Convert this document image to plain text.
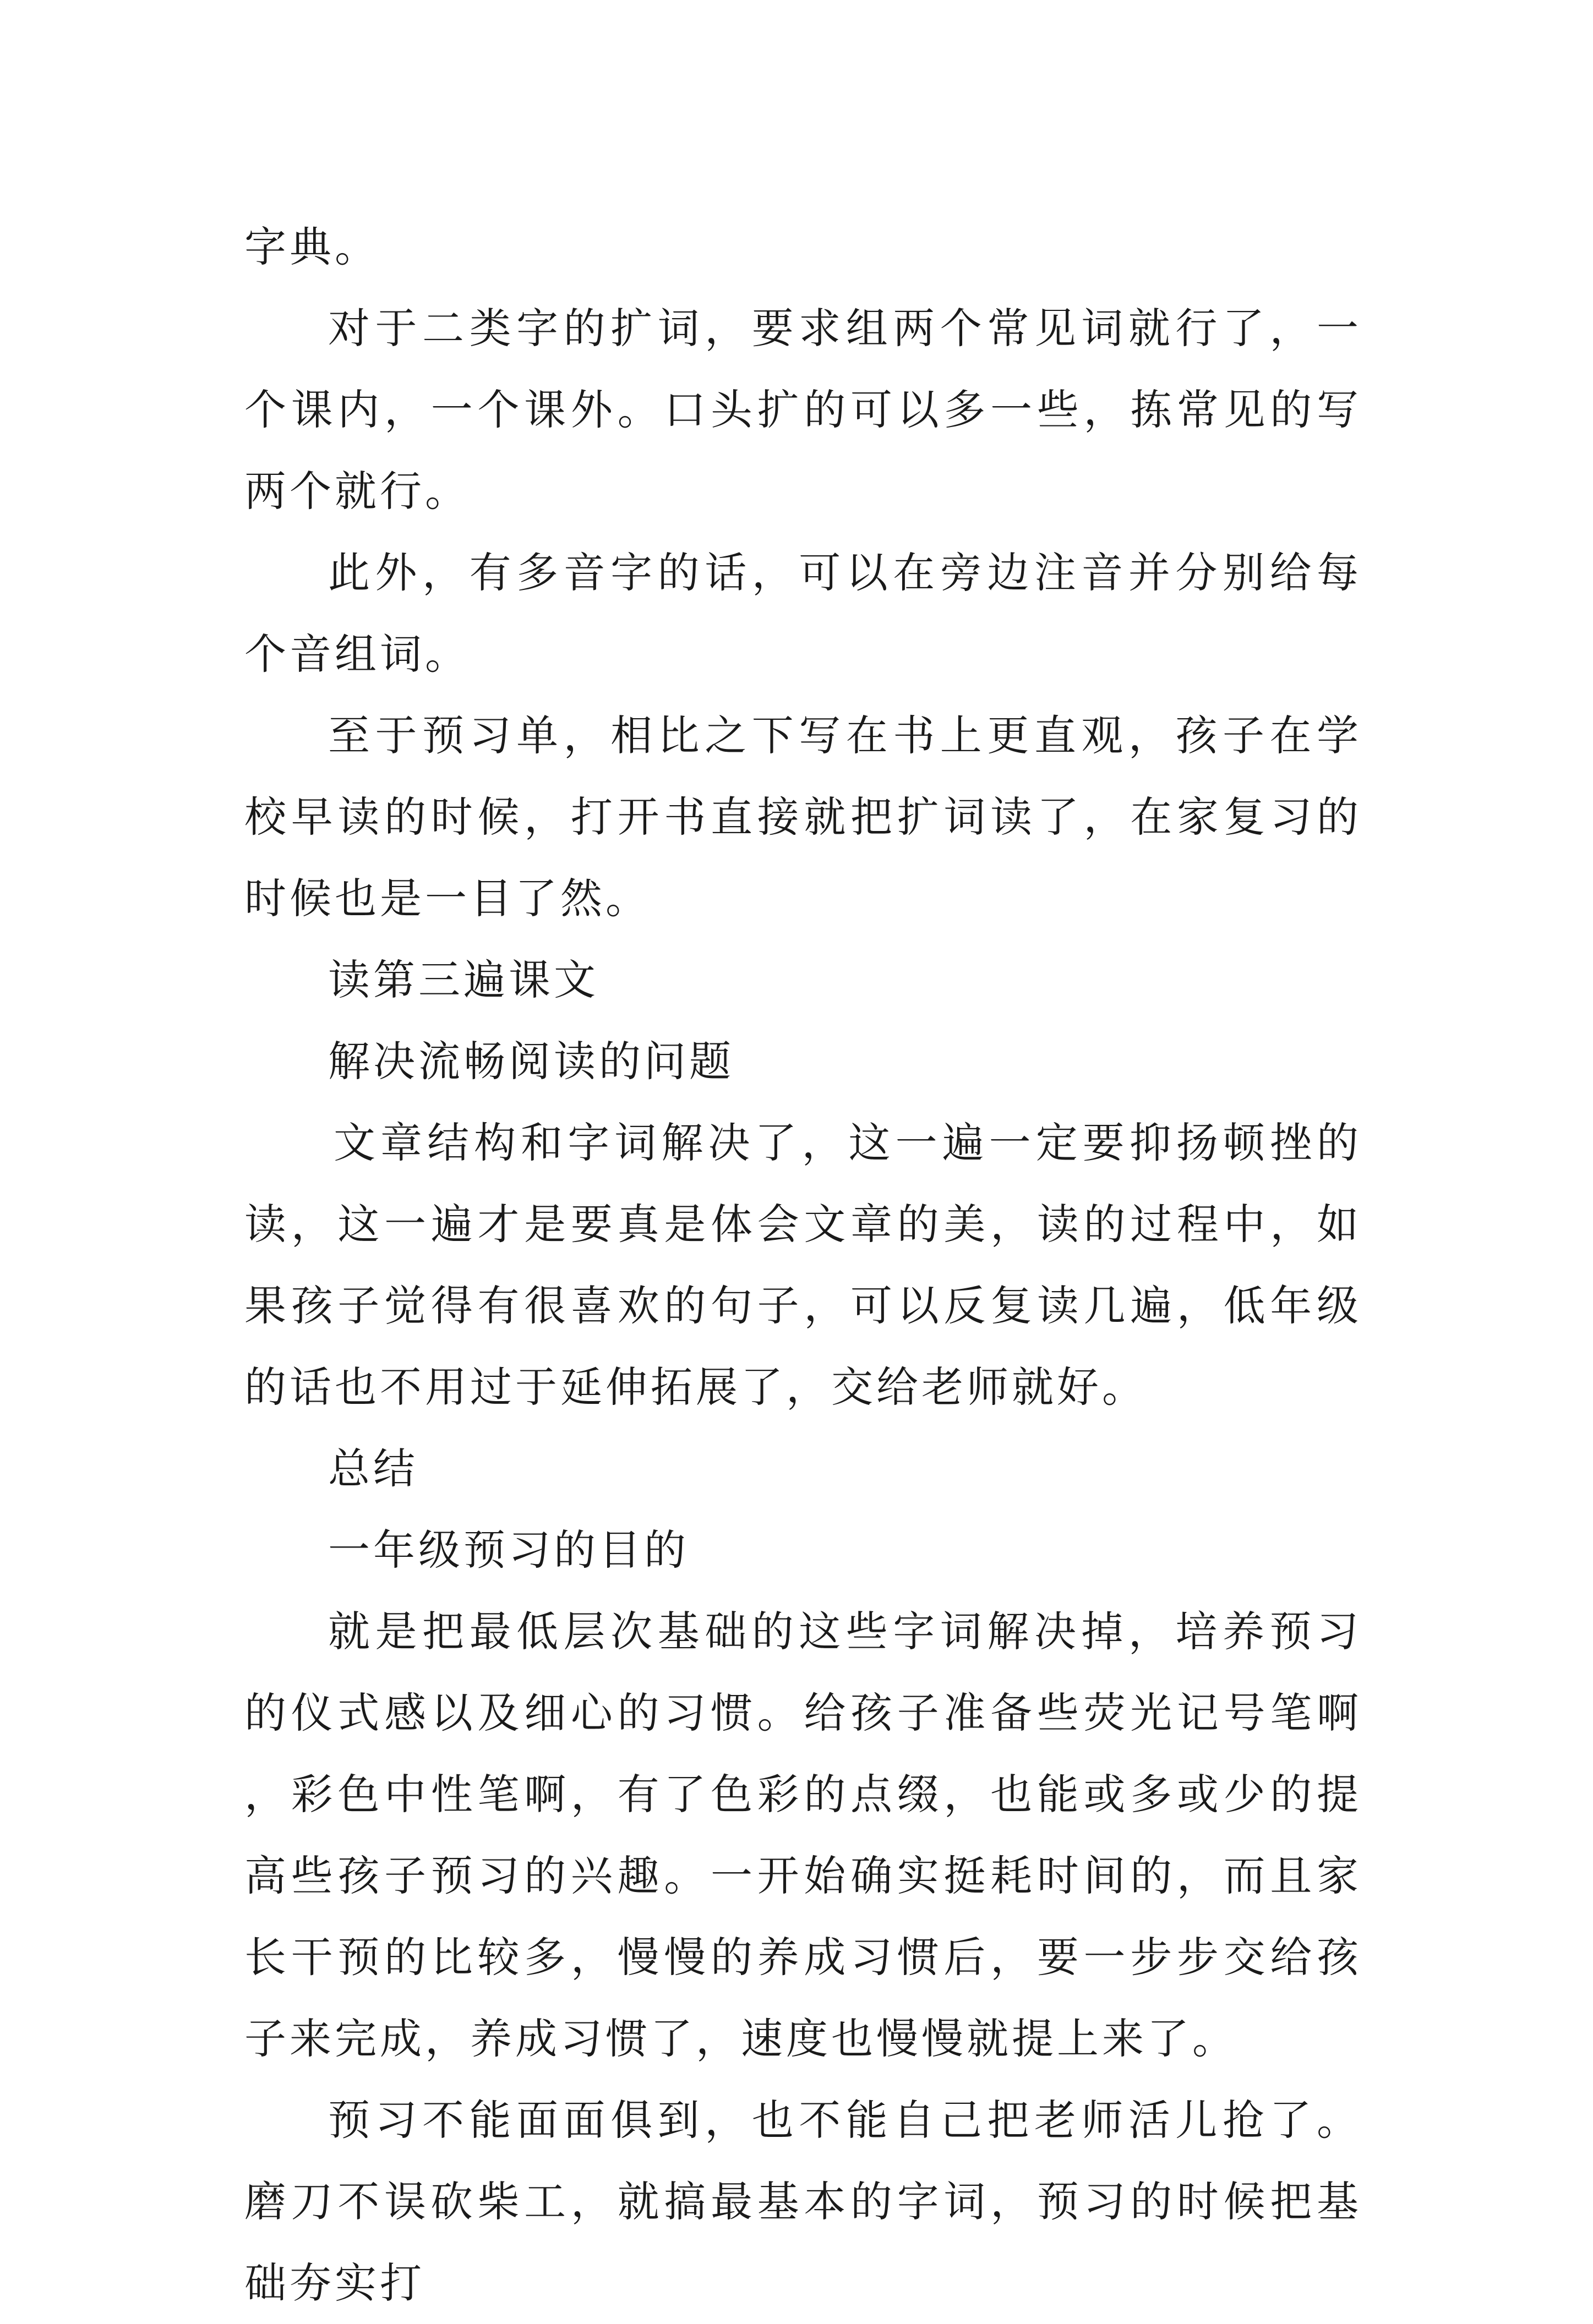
字典。

对于二类字的扩词，要求组两个常见词就行了，一个课内，一个课外。口头扩的可以多一些，拣常见的写两个就行。

此外，有多音字的话，可以在旁边注音并分别给每个音组词。

至于预习单，相比之下写在书上更直观，孩子在学校早读的时候，打开书直接就把扩词读了，在家复习的时候也是一目了然。

读第三遍课文

解决流畅阅读的问题

文章结构和字词解决了，这一遍一定要抑扬顿挫的读，这一遍才是要真是体会文章的美，读的过程中，如果孩子觉得有很喜欢的句子，可以反复读几遍，低年级的话也不用过于延伸拓展了，交给老师就好。

总结

一年级预习的目的

就是把最低层次基础的这些字词解决掉，培养预习的仪式感以及细心的习惯。给孩子准备些荧光记号笔啊，彩色中性笔啊，有了色彩的点缀，也能或多或少的提高些孩子预习的兴趣。一开始确实挺耗时间的，而且家长干预的比较多，慢慢的养成习惯后，要一步步交给孩子来完成，养成习惯了，速度也慢慢就提上来了。

预习不能面面俱到，也不能自己把老师活儿抢了。磨刀不误砍柴工，就搞最基本的字词，预习的时候把基础夯实打
